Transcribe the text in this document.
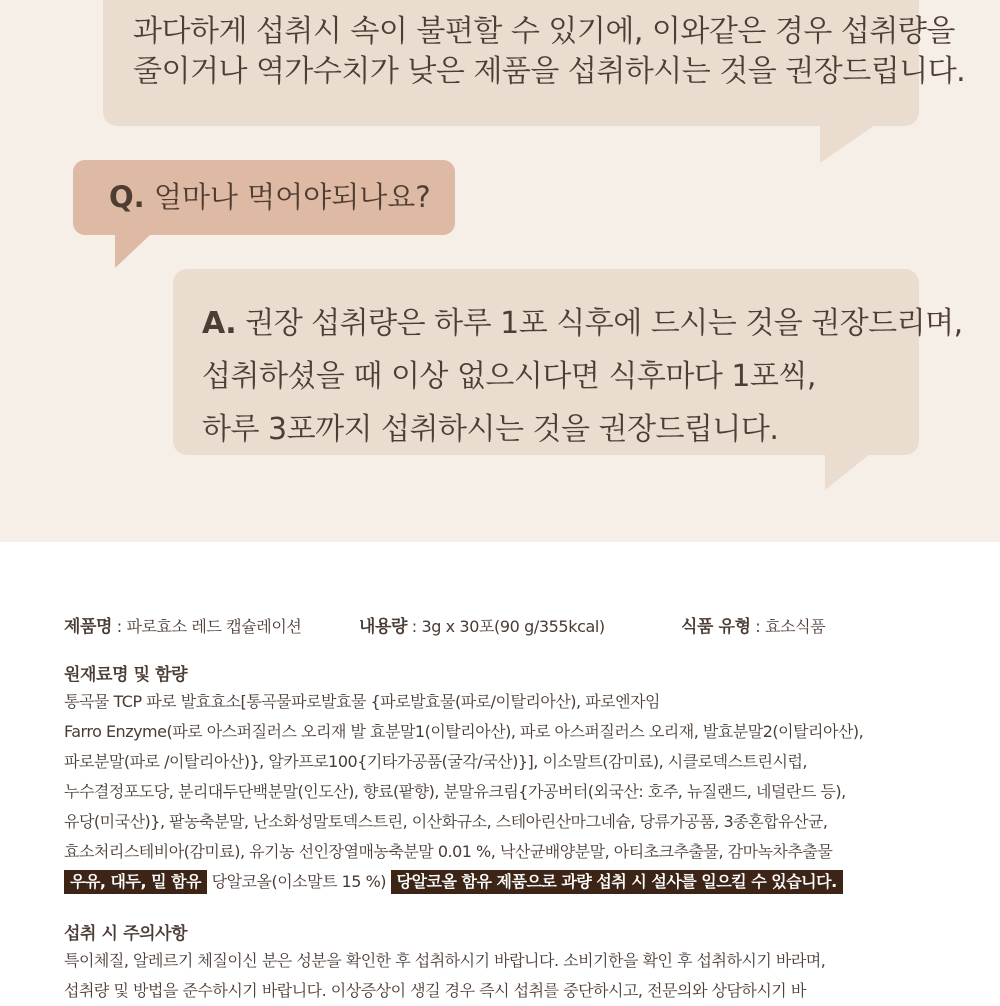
과다하게 섭취시 속이 불편할 수 있기에, 이와같은 경우 섭취량을
줄이거나 역가수치가 낮은 제품을 섭취하시는 것을 권장드립니다.
Q. 얼마나 먹어야되나요?
A. 권장 섭취량은 하루 1포 식후에 드시는 것을 권장드리며,
섭취하셨을 때 이상 없으시다면 식후마다 1포씩,
하루 3포까지 섭취하시는 것을 권장드립니다.
제품명 : 파로효소 레드 캡슐레이션	내용량 : 3g x 30포(90 g/355kcal)	식품 유형 : 효소식품
원재료명 및 함량
통곡물 TCP 파로 발효효소[통곡물파로발효물 {파로발효물(파로/이탈리아산), 파로엔자임
Farro Enzyme(파로 아스퍼질러스 오리재 발 효분말1(이탈리아산), 파로 아스퍼질러스 오리재, 발효분말2(이탈리아산),
파로분말(파로 /이탈리아산)}, 알카프로100{기타가공품(굴각/국산)}], 이소말트(감미료), 시클로덱스트린시럽,
누수결정포도당, 분리대두단백분말(인도산), 향료(팥향), 분말유크림{가공버터(외국산: 호주, 뉴질랜드, 네덜란드 등),
유당(미국산)}, 팥농축분말, 난소화성말토덱스트린, 이산화규소, 스테아린산마그네슘, 당류가공품, 3종혼합유산균,
효소처리스테비아(감미료), 유기농 선인장열매농축분말 0.01 %, 낙산균배양분말, 아티초크추출물, 감마녹차추출물
우유, 대두, 밀 함유 당알코올(이소말트 15 %) 당알코올 함유 제품으로 과량 섭취 시 설사를 일으킬 수 있습니다.
섭취 시 주의사항
특이체질, 알레르기 체질이신 분은 성분을 확인한 후 섭취하시기 바랍니다. 소비기한을 확인 후 섭취하시기 바라며,
섭취량 및 방법을 준수하시기 바랍니다. 이상증상이 생길 경우 즉시 섭취를 중단하시고, 전문의와 상담하시기 바
